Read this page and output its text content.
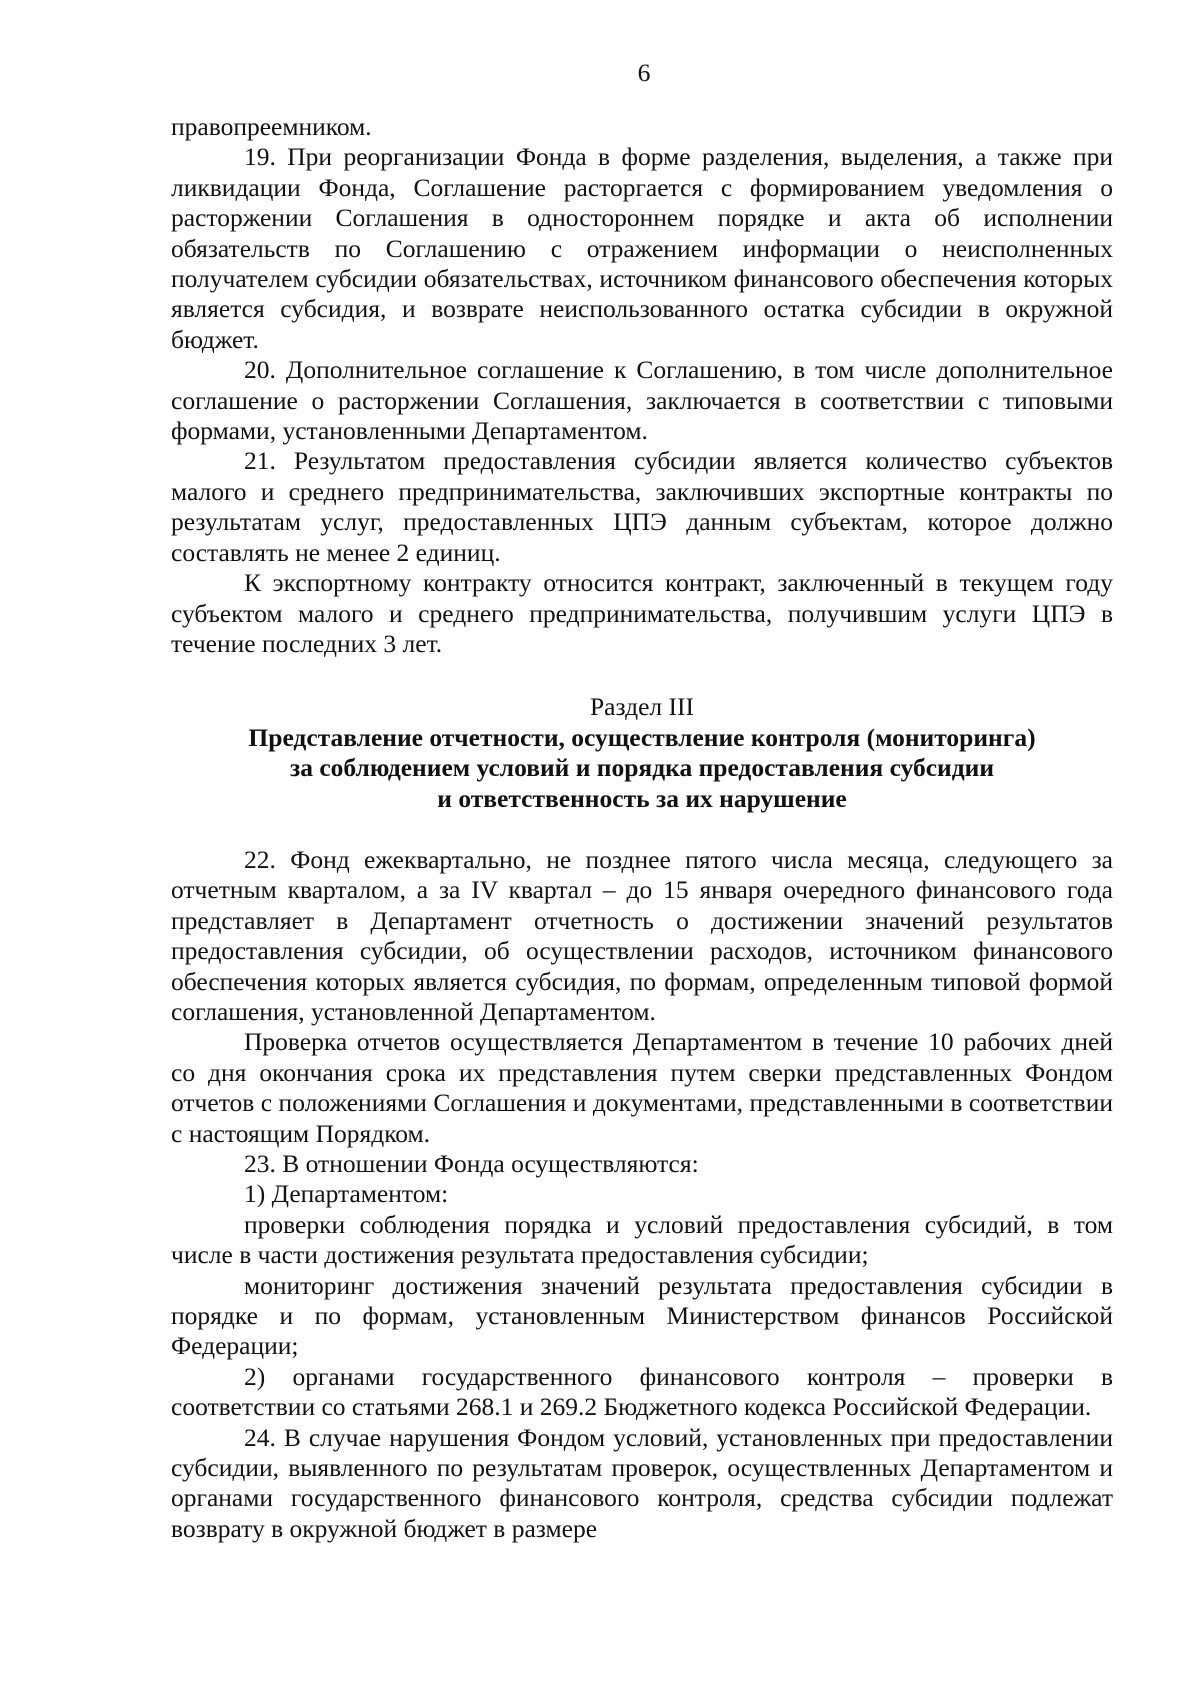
6

правопреемником.

19. При реорганизации Фонда в форме разделения, выделения, а также при ликвидации Фонда, Соглашение расторгается с формированием уведомления о расторжении Соглашения в одностороннем порядке и акта об исполнении обязательств по Соглашению с отражением информации о неисполненных получателем субсидии обязательствах, источником финансового обеспечения которых является субсидия, и возврате неиспользованного остатка субсидии в окружной бюджет.

20. Дополнительное соглашение к Соглашению, в том числе дополнительное соглашение о расторжении Соглашения, заключается в соответствии с типовыми формами, установленными Департаментом.

21. Результатом предоставления субсидии является количество субъектов малого и среднего предпринимательства, заключивших экспортные контракты по результатам услуг, предоставленных ЦПЭ данным субъектам, которое должно составлять не менее 2 единиц.

К экспортному контракту относится контракт, заключенный в текущем году субъектом малого и среднего предпринимательства, получившим услуги ЦПЭ в течение последних 3 лет.

Раздел III

Представление отчетности, осуществление контроля (мониторинга)

за соблюдением условий и порядка предоставления субсидии

и ответственность за их нарушение

22. Фонд ежеквартально, не позднее пятого числа месяца, следующего за отчетным кварталом, а за IV квартал – до 15 января очередного финансового года представляет в Департамент отчетность о достижении значений результатов предоставления субсидии, об осуществлении расходов, источником финансового обеспечения которых является субсидия, по формам, определенным типовой формой соглашения, установленной Департаментом.

Проверка отчетов осуществляется Департаментом в течение 10 рабочих дней со дня окончания срока их представления путем сверки представленных Фондом отчетов с положениями Соглашения и документами, представленными в соответствии с настоящим Порядком.

23. В отношении Фонда осуществляются:

1) Департаментом:

проверки соблюдения порядка и условий предоставления субсидий, в том числе в части достижения результата предоставления субсидии;

мониторинг достижения значений результата предоставления субсидии в порядке и по формам, установленным Министерством финансов Российской Федерации;

2) органами государственного финансового контроля – проверки в соответствии со статьями 268.1 и 269.2 Бюджетного кодекса Российской Федерации.

24. В случае нарушения Фондом условий, установленных при предоставлении субсидии, выявленного по результатам проверок, осуществленных Департаментом и органами государственного финансового контроля, средства субсидии подлежат возврату в окружной бюджет в размере
